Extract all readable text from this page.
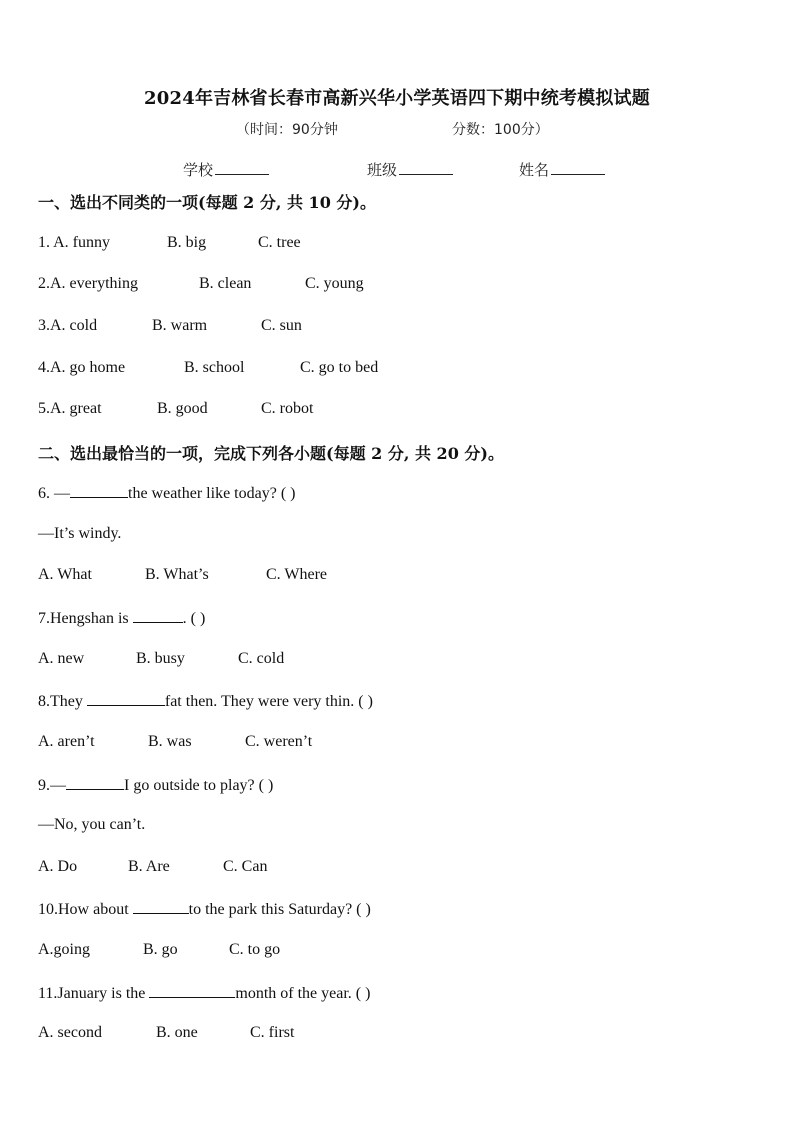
2024年吉林省长春市高新兴华小学英语四下期中统考模拟试题
（时间：90分钟	分数：100分）
学校	班级	姓名
一、选出不同类的一项(每题 2 分, 共 10 分)。
1. A. funny	B. big	C. tree
2.A. everything	B. clean	C. young
3.A. cold	B. warm	C. sun
4.A. go home	B. school	C. go to bed
5.A. great	B. good	C. robot
二、选出最恰当的一项，完成下列各小题(每题 2 分, 共 20 分)。
6. —	the weather like today? ( )
—It’s windy.
A. What	B. What’s	C. Where
7.Hengshan is	. ( )
A. new	B. busy	C. cold
8.They	fat then. They were very thin. ( )
A. aren’t	B. was	C. weren’t
9.—	I go outside to play? ( )
—No, you can’t.
A. Do	B. Are	C. Can
10.How about	to the park this Saturday? ( )
A.going	B. go	C. to go
11.January is the	month of the year. ( )
A. second	B. one	C. first
